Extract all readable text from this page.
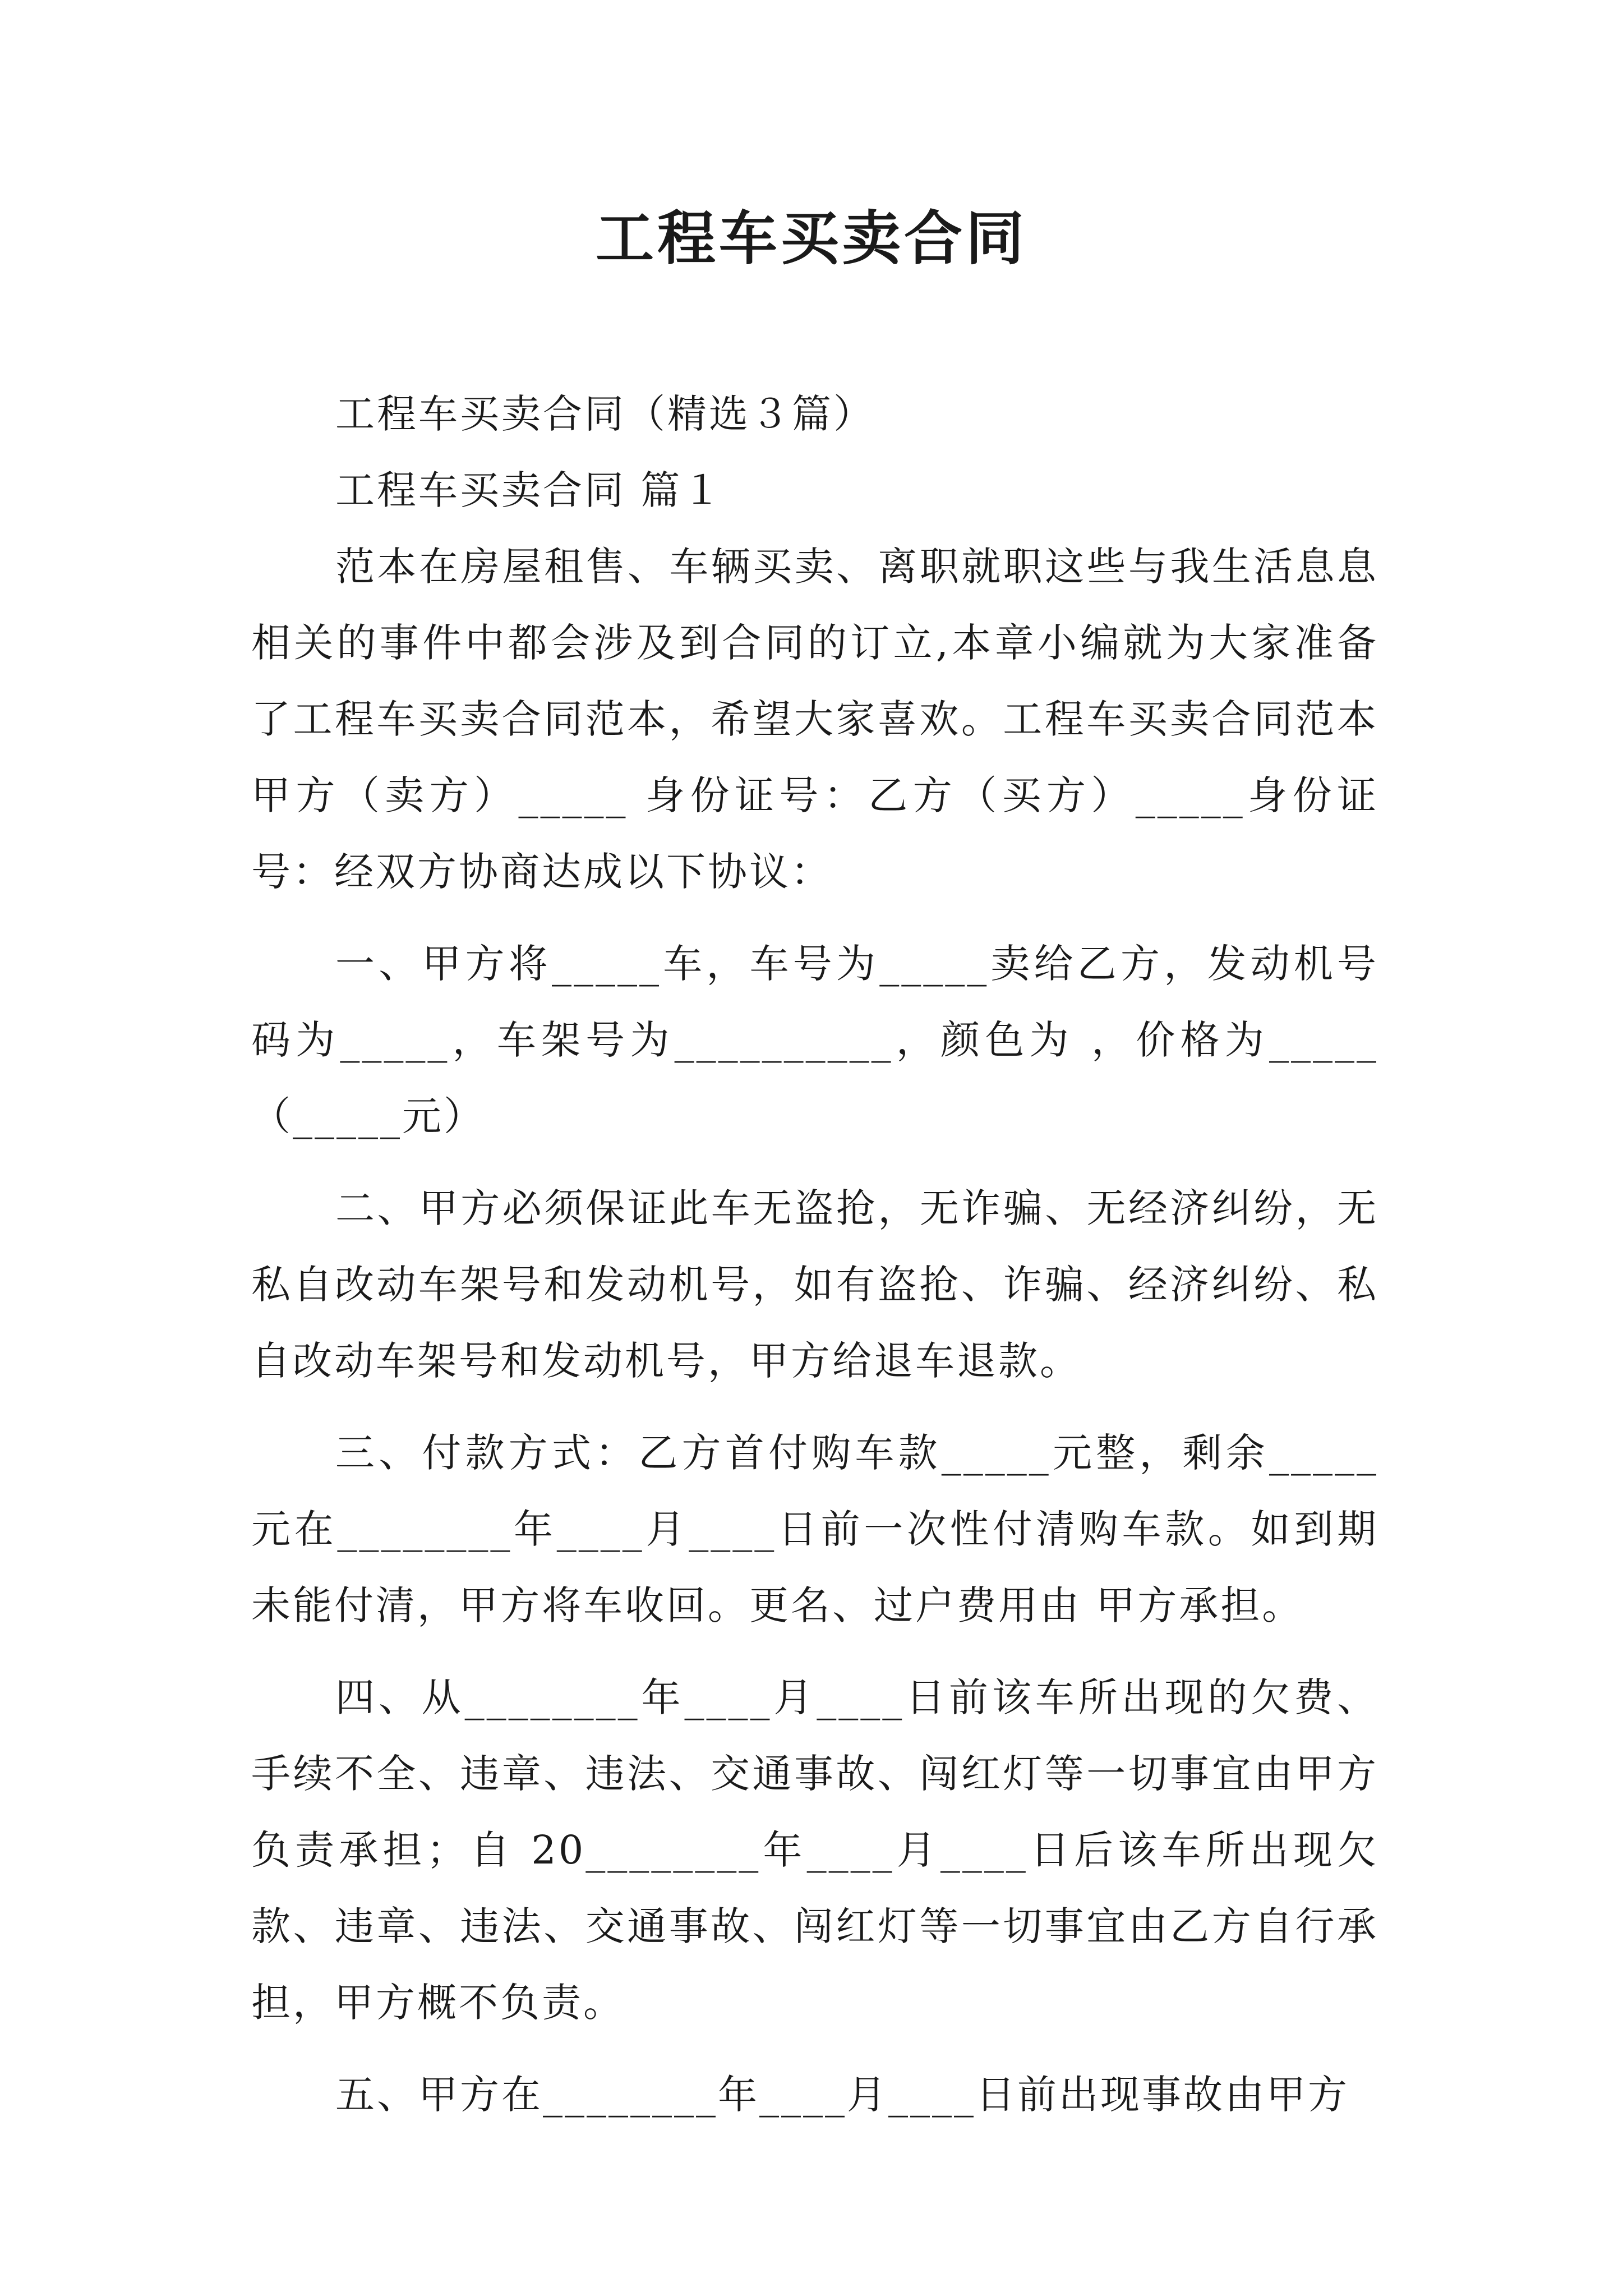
工程车买卖合同

工程车买卖合同（精选３篇）

工程车买卖合同 篇１

范本在房屋租售、车辆买卖、离职就职这些与我生活息息相关的事件中都会涉及到合同的订立,本章小编就为大家准备了工程车买卖合同范本，希望大家喜欢。工程车买卖合同范本甲方（卖方）_____ 身份证号：乙方（买方）_____身份证号：经双方协商达成以下协议：

一、甲方将_____车，车号为_____卖给乙方，发动机号码为_____，车架号为__________，颜色为 ，价格为_____（_____元）

二、甲方必须保证此车无盗抢，无诈骗、无经济纠纷，无私自改动车架号和发动机号，如有盗抢、诈骗、经济纠纷、私自改动车架号和发动机号，甲方给退车退款。

三、付款方式：乙方首付购车款_____元整，剩余_____元在________年____月____日前一次性付清购车款。如到期未能付清，甲方将车收回。更名、过户费用由 甲方承担。

四、从________年____月____日前该车所出现的欠费、手续不全、违章、违法、交通事故、闯红灯等一切事宜由甲方负责承担；自 20________年____月____日后该车所出现欠款、违章、违法、交通事故、闯红灯等一切事宜由乙方自行承担，甲方概不负责。

五、甲方在________年____月____日前出现事故由甲方
